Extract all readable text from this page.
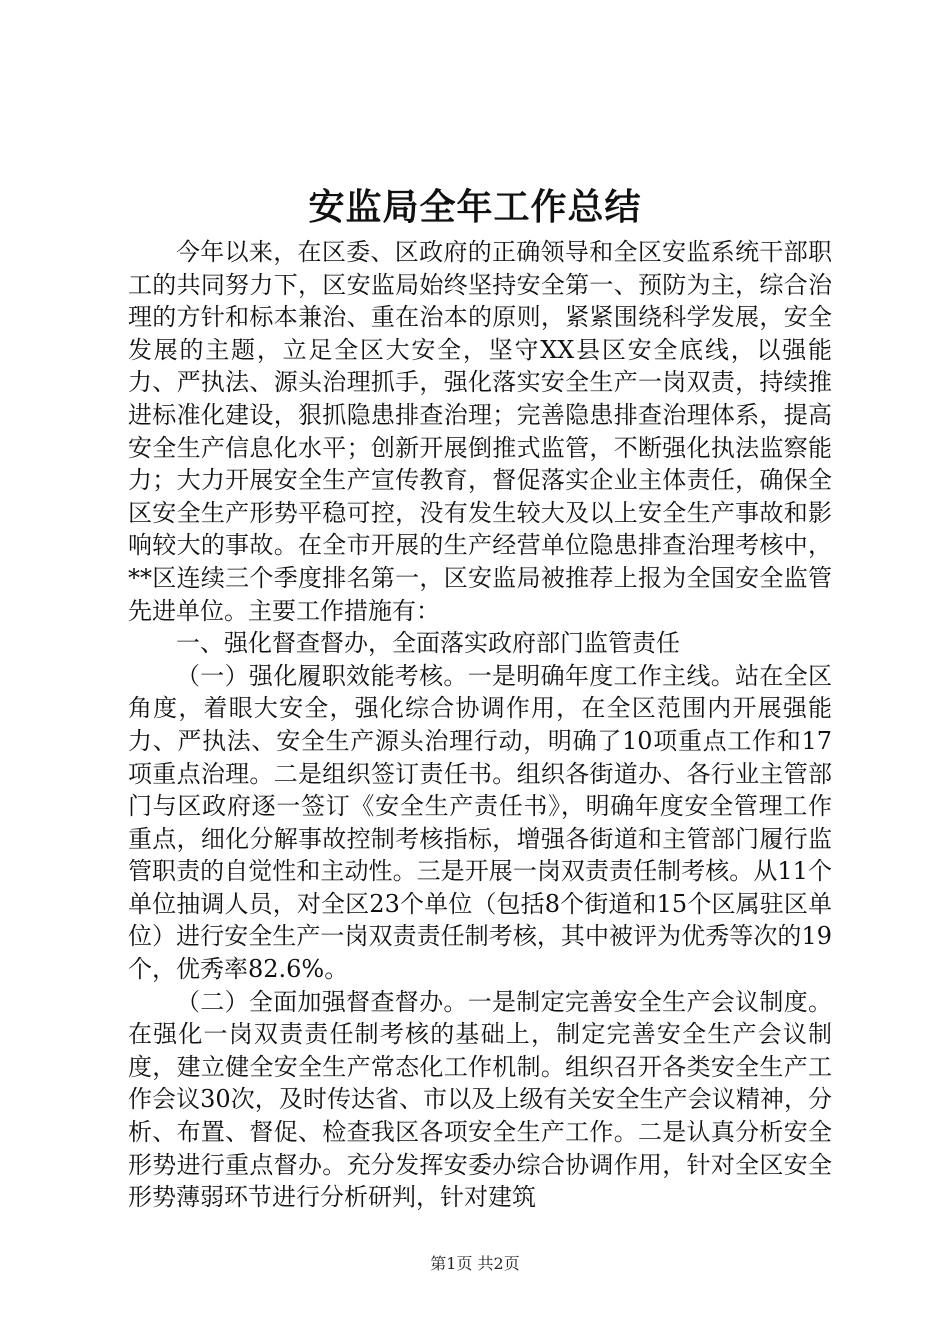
安监局全年工作总结

今年以来，在区委、区政府的正确领导和全区安监系统干部职工的共同努力下，区安监局始终坚持安全第一、预防为主，综合治理的方针和标本兼治、重在治本的原则，紧紧围绕科学发展，安全发展的主题，立足全区大安全，坚守XX县区安全底线，以强能力、严执法、源头治理抓手，强化落实安全生产一岗双责，持续推进标准化建设，狠抓隐患排查治理；完善隐患排查治理体系，提高安全生产信息化水平；创新开展倒推式监管，不断强化执法监察能力；大力开展安全生产宣传教育，督促落实企业主体责任，确保全区安全生产形势平稳可控，没有发生较大及以上安全生产事故和影响较大的事故。在全市开展的生产经营单位隐患排查治理考核中，**区连续三个季度排名第一，区安监局被推荐上报为全国安全监管先进单位。主要工作措施有：

一、强化督查督办，全面落实政府部门监管责任

（一）强化履职效能考核。一是明确年度工作主线。站在全区角度，着眼大安全，强化综合协调作用，在全区范围内开展强能力、严执法、安全生产源头治理行动，明确了10项重点工作和17项重点治理。二是组织签订责任书。组织各街道办、各行业主管部门与区政府逐一签订《安全生产责任书》，明确年度安全管理工作重点，细化分解事故控制考核指标，增强各街道和主管部门履行监管职责的自觉性和主动性。三是开展一岗双责责任制考核。从11个单位抽调人员，对全区23个单位（包括8个街道和15个区属驻区单位）进行安全生产一岗双责责任制考核，其中被评为优秀等次的19个，优秀率82.6%。

（二）全面加强督查督办。一是制定完善安全生产会议制度。在强化一岗双责责任制考核的基础上，制定完善安全生产会议制度，建立健全安全生产常态化工作机制。组织召开各类安全生产工作会议30次，及时传达省、市以及上级有关安全生产会议精神，分析、布置、督促、检查我区各项安全生产工作。二是认真分析安全形势进行重点督办。充分发挥安委办综合协调作用，针对全区安全形势薄弱环节进行分析研判，针对建筑

第1页 共2页
